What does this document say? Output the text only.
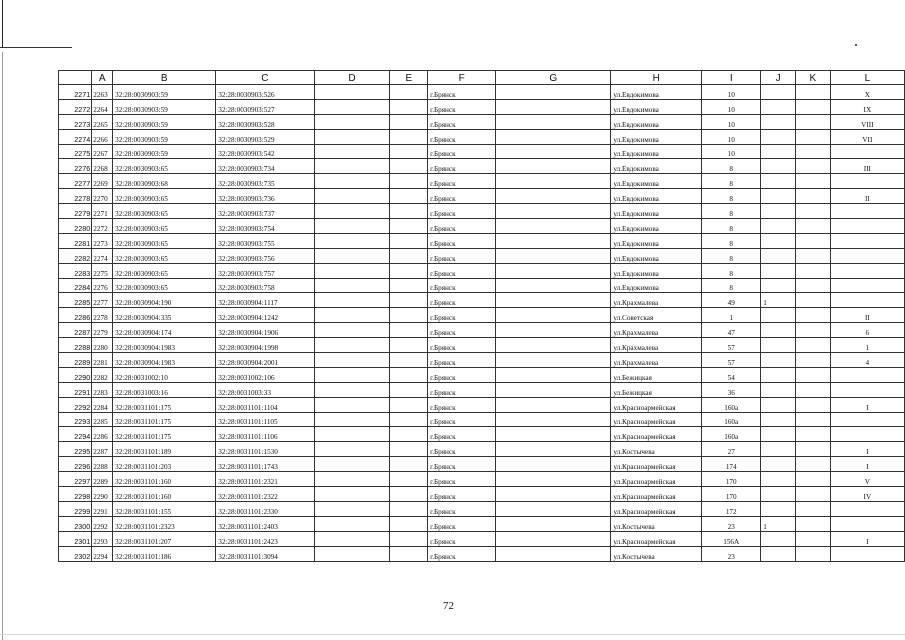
	A	B	C	D	E	F	G	H	I	J	K	L
2271	2263	32:28:0030903:59	32:28:0030903:526			г.Брянск		ул.Евдокимова	10			X
2272	2264	32:28:0030903:59	32:28:0030903:527			г.Брянск		ул.Евдокимова	10			IX
2273	2265	32:28:0030903:59	32:28:0030903:528			г.Брянск		ул.Евдокимова	10			VIII
2274	2266	32:28:0030903:59	32:28:0030903:529			г.Брянск		ул.Евдокимова	10			VII
2275	2267	32:28:0030903:59	32:28:0030903:542			г.Брянск		ул.Евдокимова	10			
2276	2268	32:28:0030903:65	32:28:0030903:734			г.Брянск		ул.Евдокимова	8			III
2277	2269	32:28:0030903:68	32:28:0030903:735			г.Брянск		ул.Евдокимова	8			
2278	2270	32:28:0030903:65	32:28:0030903:736			г.Брянск		ул.Евдокимова	8			II
2279	2271	32:28:0030903:65	32:28:0030903:737			г.Брянск		ул.Евдокимова	8			
2280	2272	32:28:0030903:65	32:28:0030903:754			г.Брянск		ул.Евдокимова	8			
2281	2273	32:28:0030903:65	32:28:0030903:755			г.Брянск		ул.Евдокимова	8			
2282	2274	32:28:0030903:65	32:28:0030903:756			г.Брянск		ул.Евдокимова	8			
2283	2275	32:28:0030903:65	32:28:0030903:757			г.Брянск		ул.Евдокимова	8			
2284	2276	32:28:0030903:65	32:28:0030903:758			г.Брянск		ул.Евдокимова	8			
2285	2277	32:28:0030904:190	32:28:0030904:1117			г.Брянск		ул.Крахмалева	49	1		
2286	2278	32:28:0030904:335	32:28:0030904:1242			г.Брянск		ул.Советская	1			II
2287	2279	32:28:0030904:174	32:28:0030904:1906			г.Брянск		ул.Крахмалева	47			6
2288	2280	32:28:0030904:1983	32:28:0030904:1998			г.Брянск		ул.Крахмалева	57			1
2289	2281	32:28:0030904:1983	32:28:0030904:2001			г.Брянск		ул.Крахмалева	57			4
2290	2282	32:28:0031002:10	32:28:0031002:106			г.Брянск		ул.Бежицкая	54			
2291	2283	32:28:0031003:16	32:28:0031003:33			г.Брянск		ул.Бежицкая	36			
2292	2284	32:28:0031101:175	32:28:0031101:1104			г.Брянск		ул.Красноармейская	160а			I
2293	2285	32:28:0031101:175	32:28:0031101:1105			г.Брянск		ул.Красноармейская	160а			
2294	2286	32:28:0031101:175	32:28:0031101:1106			г.Брянск		ул.Красноармейская	160а			
2295	2287	32:28:0031101:189	32:28:0031101:1530			г.Брянск		ул.Костычева	27			I
2296	2288	32:28:0031101:203	32:28:0031101:1743			г.Брянск		ул.Красноармейская	174			I
2297	2289	32:28:0031101:160	32:28:0031101:2321			г.Брянск		ул.Красноармейская	170			V
2298	2290	32:28:0031101:160	32:28:0031101:2322			г.Брянск		ул.Красноармейская	170			IV
2299	2291	32:28:0031101:155	32:28:0031101:2330			г.Брянск		ул.Красноармейская	172			
2300	2292	32:28:0031101:2323	32:28:0031101:2403			г.Брянск		ул.Костычева	23	1		
2301	2293	32:28:0031101:207	32:28:0031101:2423			г.Брянск		ул.Красноармейская	156А			I
2302	2294	32:28:0031101:186	32:28:0031101:3094			г.Брянск		ул.Костычева	23			
72
